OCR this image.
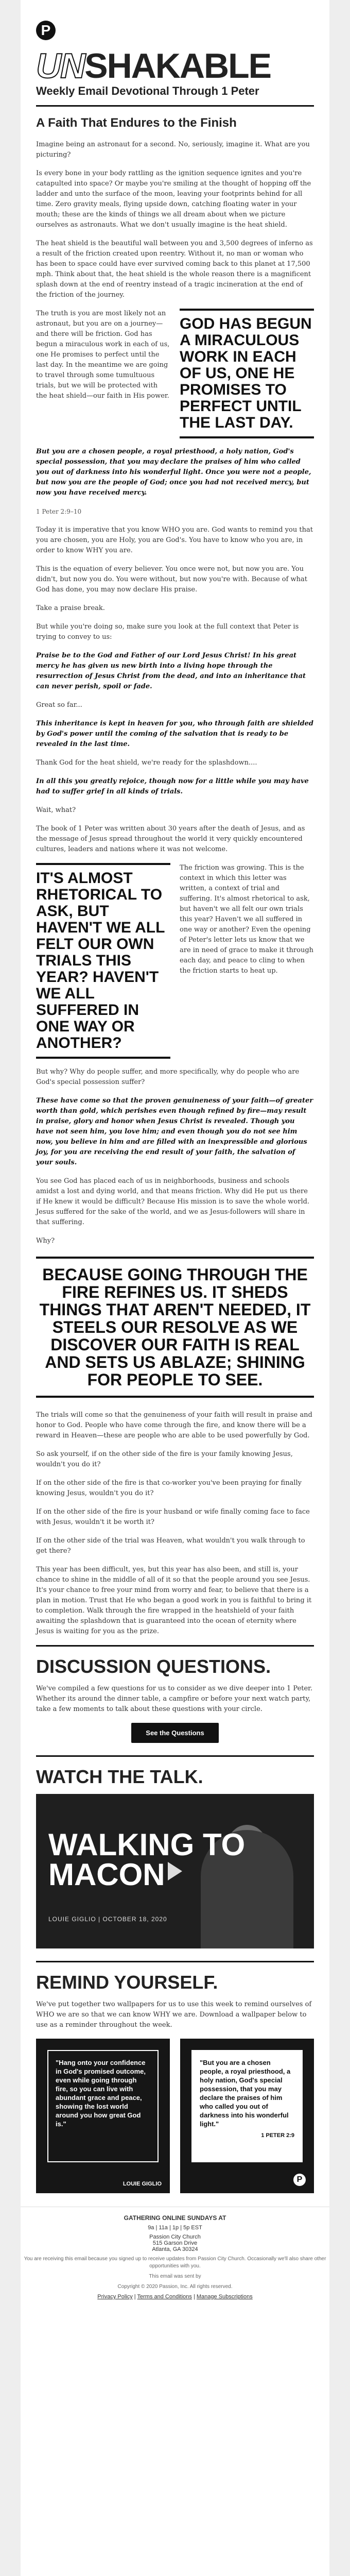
P
UNSHAKABLE
Weekly Email Devotional Through 1 Peter
A Faith That Endures to the Finish

Imagine being an astronaut for a second. No, seriously, imagine it. What are you picturing?

Is every bone in your body rattling as the ignition sequence ignites and you're catapulted into space? Or maybe you're smiling at the thought of hopping off the ladder and unto the surface of the moon, leaving your footprints behind for all time. Zero gravity meals, flying upside down, catching floating water in your mouth; these are the kinds of things we all dream about when we picture ourselves as astronauts. What we don't usually imagine is the heat shield.

The heat shield is the beautiful wall between you and 3,500 degrees of inferno as a result of the friction created upon reentry. Without it, no man or woman who has been to space could have ever survived coming back to this planet at 17,500 mph. Think about that, the heat shield is the whole reason there is a magnificent splash down at the end of reentry instead of a tragic incineration at the end of the friction of the journey.

The truth is you are most likely not an astronaut, but you are on a journey—and there will be friction. God has begun a miraculous work in each of us, one He promises to perfect until the last day. In the meantime we are going to travel through some tumultuous trials, but we will be protected with the heat shield—our faith in His power.

GOD HAS BEGUN A MIRACULOUS WORK IN EACH OF US, ONE HE PROMISES TO PERFECT UNTIL THE LAST DAY.

But you are a chosen people, a royal priesthood, a holy nation, God's special possession, that you may declare the praises of him who called you out of darkness into his wonderful light. Once you were not a people, but now you are the people of God; once you had not received mercy, but now you have received mercy.

1 Peter 2:9–10

Today it is imperative that you know WHO you are. God wants to remind you that you are chosen, you are Holy, you are God's. You have to know who you are, in order to know WHY you are.

This is the equation of every believer. You once were not, but now you are. You didn't, but now you do. You were without, but now you're with. Because of what God has done, you may now declare His praise.

Take a praise break.

But while you're doing so, make sure you look at the full context that Peter is trying to convey to us:

Praise be to the God and Father of our Lord Jesus Christ! In his great mercy he has given us new birth into a living hope through the resurrection of Jesus Christ from the dead, and into an inheritance that can never perish, spoil or fade.

Great so far...

This inheritance is kept in heaven for you, who through faith are shielded by God's power until the coming of the salvation that is ready to be revealed in the last time.

Thank God for the heat shield, we're ready for the splashdown....

In all this you greatly rejoice, though now for a little while you may have had to suffer grief in all kinds of trials.

Wait, what?

The book of 1 Peter was written about 30 years after the death of Jesus, and as the message of Jesus spread throughout the world it very quickly encountered cultures, leaders and nations where it was not welcome.

IT'S ALMOST RHETORICAL TO ASK, BUT HAVEN'T WE ALL FELT OUR OWN TRIALS THIS YEAR? HAVEN'T WE ALL SUFFERED IN ONE WAY OR ANOTHER?

The friction was growing. This is the context in which this letter was written, a context of trial and suffering. It's almost rhetorical to ask, but haven't we all felt our own trials this year? Haven't we all suffered in one way or another? Even the opening of Peter's letter lets us know that we are in need of grace to make it through each day, and peace to cling to when the friction starts to heat up.

But why? Why do people suffer, and more specifically, why do people who are God's special possession suffer?

These have come so that the proven genuineness of your faith—of greater worth than gold, which perishes even though refined by fire—may result in praise, glory and honor when Jesus Christ is revealed. Though you have not seen him, you love him; and even though you do not see him now, you believe in him and are filled with an inexpressible and glorious joy, for you are receiving the end result of your faith, the salvation of your souls.

You see God has placed each of us in neighborhoods, business and schools amidst a lost and dying world, and that means friction. Why did He put us there if He knew it would be difficult? Because His mission is to save the whole world. Jesus suffered for the sake of the world, and we as Jesus-followers will share in that suffering.

Why?

BECAUSE GOING THROUGH THE FIRE REFINES US. IT SHEDS THINGS THAT AREN'T NEEDED, IT STEELS OUR RESOLVE AS WE DISCOVER OUR FAITH IS REAL AND SETS US ABLAZE; SHINING FOR PEOPLE TO SEE.

The trials will come so that the genuineness of your faith will result in praise and honor to God. People who have come through the fire, and know there will be a reward in Heaven—these are people who are able to be used powerfully by God.

So ask yourself, if on the other side of the fire is your family knowing Jesus, wouldn't you do it?

If on the other side of the fire is that co-worker you've been praying for finally knowing Jesus, wouldn't you do it?

If on the other side of the fire is your husband or wife finally coming face to face with Jesus, wouldn't it be worth it?

If on the other side of the trial was Heaven, what wouldn't you walk through to get there?

This year has been difficult, yes, but this year has also been, and still is, your chance to shine in the middle of all of it so that the people around you see Jesus. It's your chance to free your mind from worry and fear, to believe that there is a plan in motion. Trust that He who began a good work in you is faithful to bring it to completion. Walk through the fire wrapped in the heatshield of your faith awaiting the splashdown that is guaranteed into the ocean of eternity where Jesus is waiting for you as the prize.

DISCUSSION QUESTIONS.

We've compiled a few questions for us to consider as we dive deeper into 1 Peter. Whether its around the dinner table, a campfire or before your next watch party, take a few moments to talk about these questions with your circle.

See the Questions
WATCH THE TALK.
WALKING TO MACON
LOUIE GIGLIO | OCTOBER 18, 2020
REMIND YOURSELF.

We've put together two wallpapers for us to use this week to remind ourselves of WHO we are so that we can know WHY we are. Download a wallpaper below to use as a reminder throughout the week.

"Hang onto your confidence in God's promised outcome, even while going through fire, so you can live with abundant grace and peace, showing the lost world around you how great God is."
LOUIE GIGLIO
"But you are a chosen people, a royal priesthood, a holy nation, God's special possession, that you may declare the praises of him who called you out of darkness into his wonderful light."
1 PETER 2:9
P
GATHERING ONLINE SUNDAYS AT
9a | 11a | 1p | 5p EST
Passion City Church
515 Garson Drive
Atlanta, GA 30324
You are receiving this email because you signed up to receive updates from Passion City Church. Occasionally we'll also share other opportunities with you.
This email was sent by
Copyright © 2020 Passion, Inc. All rights reserved.
Privacy Policy | Terms and Conditions | Manage Subscriptions
